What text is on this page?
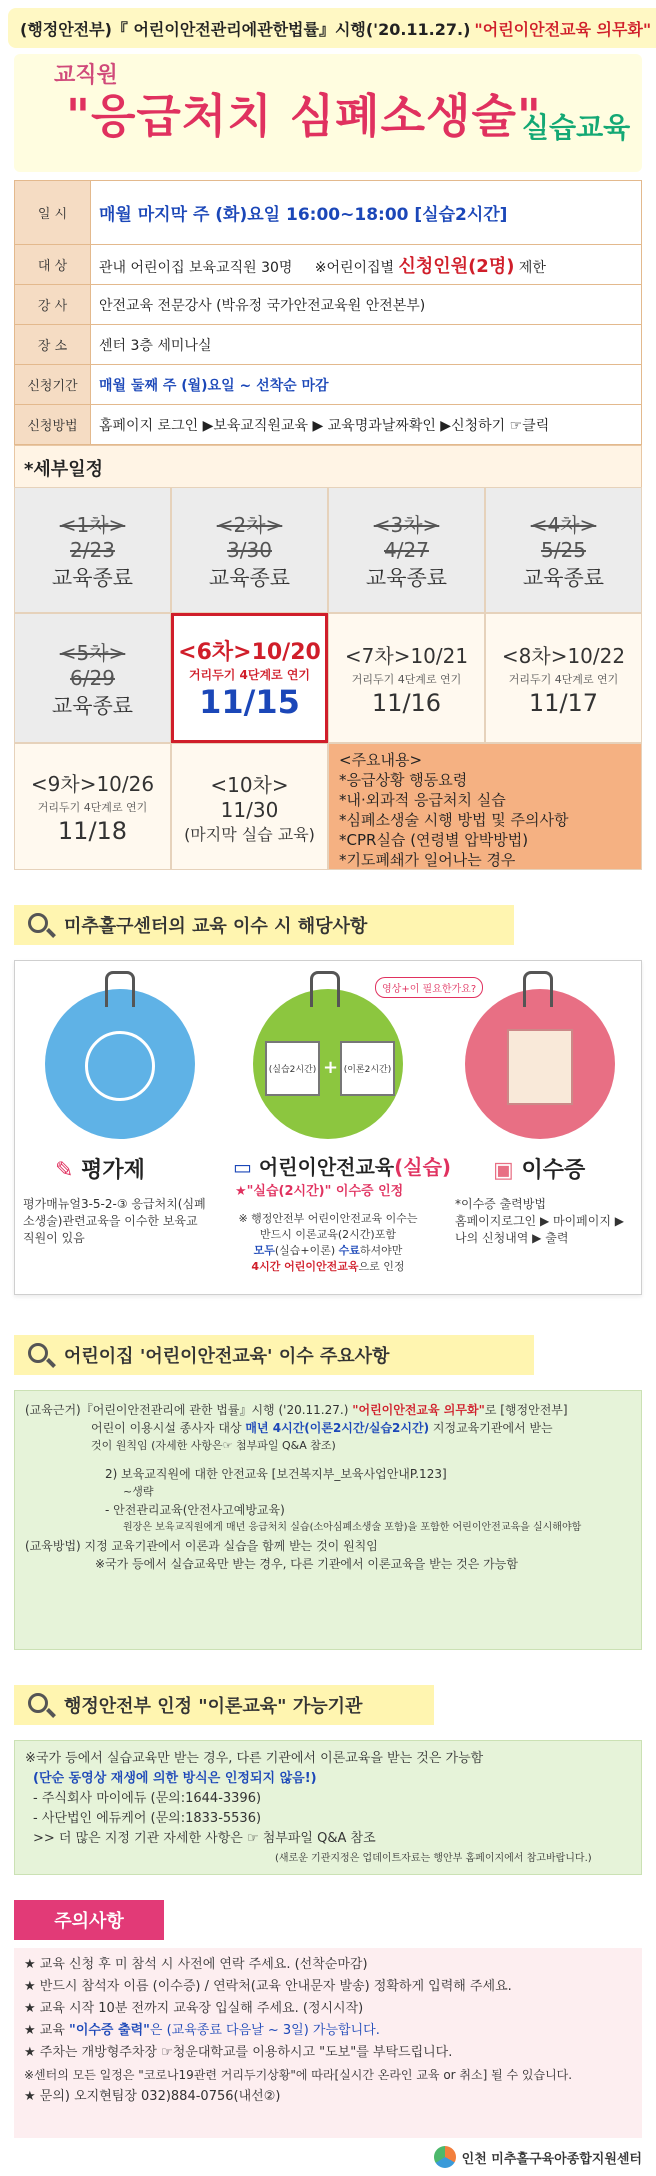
(행정안전부)『 어린이안전관리에관한법률』시행('20.11.27.) "어린이안전교육 의무화"
교직원
"응급처치 심폐소생술"
실습교육
일 시	매월 마지막 주 (화)요일 16:00~18:00 [실습2시간]
대 상	관내 어린이집 보육교직원 30명 ※어린이집별 신청인원(2명) 제한
강 사	안전교육 전문강사 (박유정 국가안전교육원 안전본부)
장 소	센터 3층 세미나실
신청기간	매월 둘째 주 (월)요일 ~ 선착순 마감
신청방법	홈페이지 로그인 ▶보육교직원교육 ▶ 교육명과날짜확인 ▶신청하기 ☞클릭
*세부일정
<1차>
2/23
교육종료
<2차>
3/30
교육종료
<3차>
4/27
교육종료
<4차>
5/25
교육종료
<5차>
6/29
교육종료
<6차>10/20
거리두기 4단계로 연기
11/15
<7차>10/21
거리두기 4단계로 연기
11/16
<8차>10/22
거리두기 4단계로 연기
11/17
<9차>10/26
거리두기 4단계로 연기
11/18
<10차>
11/30
(마지막 실습 교육)
<주요내용>
*응급상황 행동요령
*내·외과적 응급처치 실습
*심폐소생술 시행 방법 및 주의사항
*CPR실습 (연령별 압박방법)
*기도폐쇄가 일어나는 경우
미추홀구센터의 교육 이수 시 해당사항
✎ 평가제
평가매뉴얼3-5-2-③ 응급처치(심폐소생술)관련교육을 이수한 보육교직원이 있음
영상+이 필요한가요?
(실습2시간) + (이론2시간)
▭ 어린이안전교육(실습)
★"실습(2시간)" 이수증 인정
※ 행정안전부 어린이안전교육 이수는
반드시 이론교육(2시간)포함
모두(실습+이론) 수료하셔야만
4시간 어린이안전교육으로 인정
▣ 이수증
*이수증 출력방법
홈페이지로그인 ▶ 마이페이지 ▶
나의 신청내역 ▶ 출력
어린이집 '어린이안전교육' 이수 주요사항

(교육근거)『어린이안전관리에 관한 법률』시행 ('20.11.27.) "어린이안전교육 의무화"로 [행정안전부]

어린이 이용시설 종사자 대상 매년 4시간(이론2시간/실습2시간) 지정교육기관에서 받는

것이 원칙임 (자세한 사항은☞ 첨부파일 Q&A 참조)

2) 보육교직원에 대한 안전교육 [보건복지부_보육사업안내P.123]

~생략

- 안전관리교육(안전사고예방교육)

원장은 보육교직원에게 매년 응급처치 실습(소아심폐소생술 포함)을 포함한 어린이안전교육을 실시해야함

(교육방법) 지정 교육기관에서 이론과 실습을 함께 받는 것이 원칙임

※국가 등에서 실습교육만 받는 경우, 다른 기관에서 이론교육을 받는 것은 가능함

행정안전부 인정 "이론교육" 가능기관
※국가 등에서 실습교육만 받는 경우, 다른 기관에서 이론교육을 받는 것은 가능함
(단순 동영상 재생에 의한 방식은 인정되지 않음!)
- 주식회사 마이에듀 (문의:1644-3396)
- 사단법인 에듀케어 (문의:1833-5536)
>> 더 많은 지정 기관 자세한 사항은 ☞ 첨부파일 Q&A 참조
(새로운 기관지정은 업데이트자료는 행안부 홈페이지에서 참고바랍니다.)
주의사항

★ 교육 신청 후 미 참석 시 사전에 연락 주세요. (선착순마감)

★ 반드시 참석자 이름 (이수증) / 연락처(교육 안내문자 발송) 정확하게 입력해 주세요.

★ 교육 시작 10분 전까지 교육장 입실해 주세요. (정시시작)

★ 교육 "이수증 출력"은 (교육종료 다음날 ~ 3일) 가능합니다.

★ 주차는 개방형주차장 ☞청운대학교를 이용하시고 "도보"를 부탁드립니다.

※센터의 모든 일정은 "코로나19관련 거리두기상황"에 따라[실시간 온라인 교육 or 취소] 될 수 있습니다.

★ 문의) 오지현팀장 032)884-0756(내선②)

인천 미추홀구육아종합지원센터
